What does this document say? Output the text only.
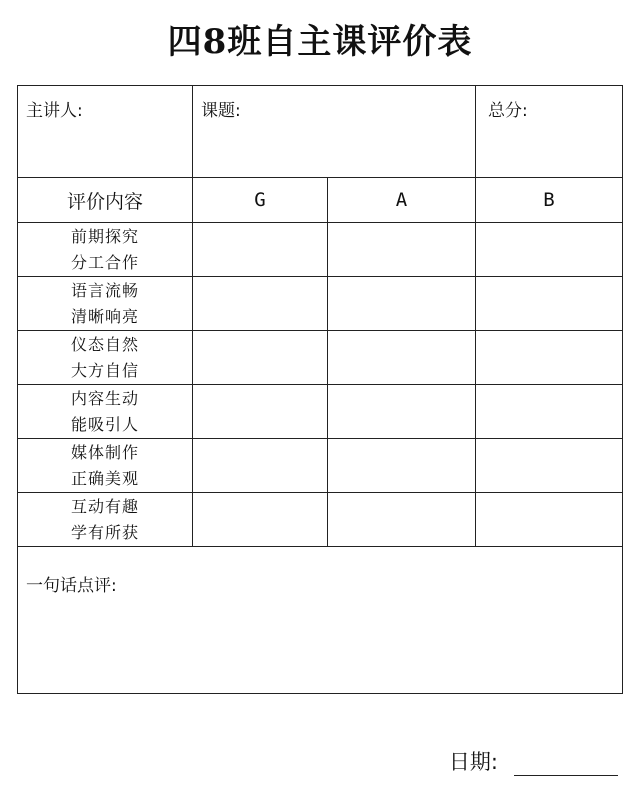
四8班自主课评价表
主讲人:	课题:		总分:

评价内容	G	A	B

前期探究
分工合作			

语言流畅
清晰响亮			

仪态自然
大方自信			

内容生动
能吸引人			

媒体制作
正确美观			

互动有趣
学有所获			

一句话点评:			
日期:
